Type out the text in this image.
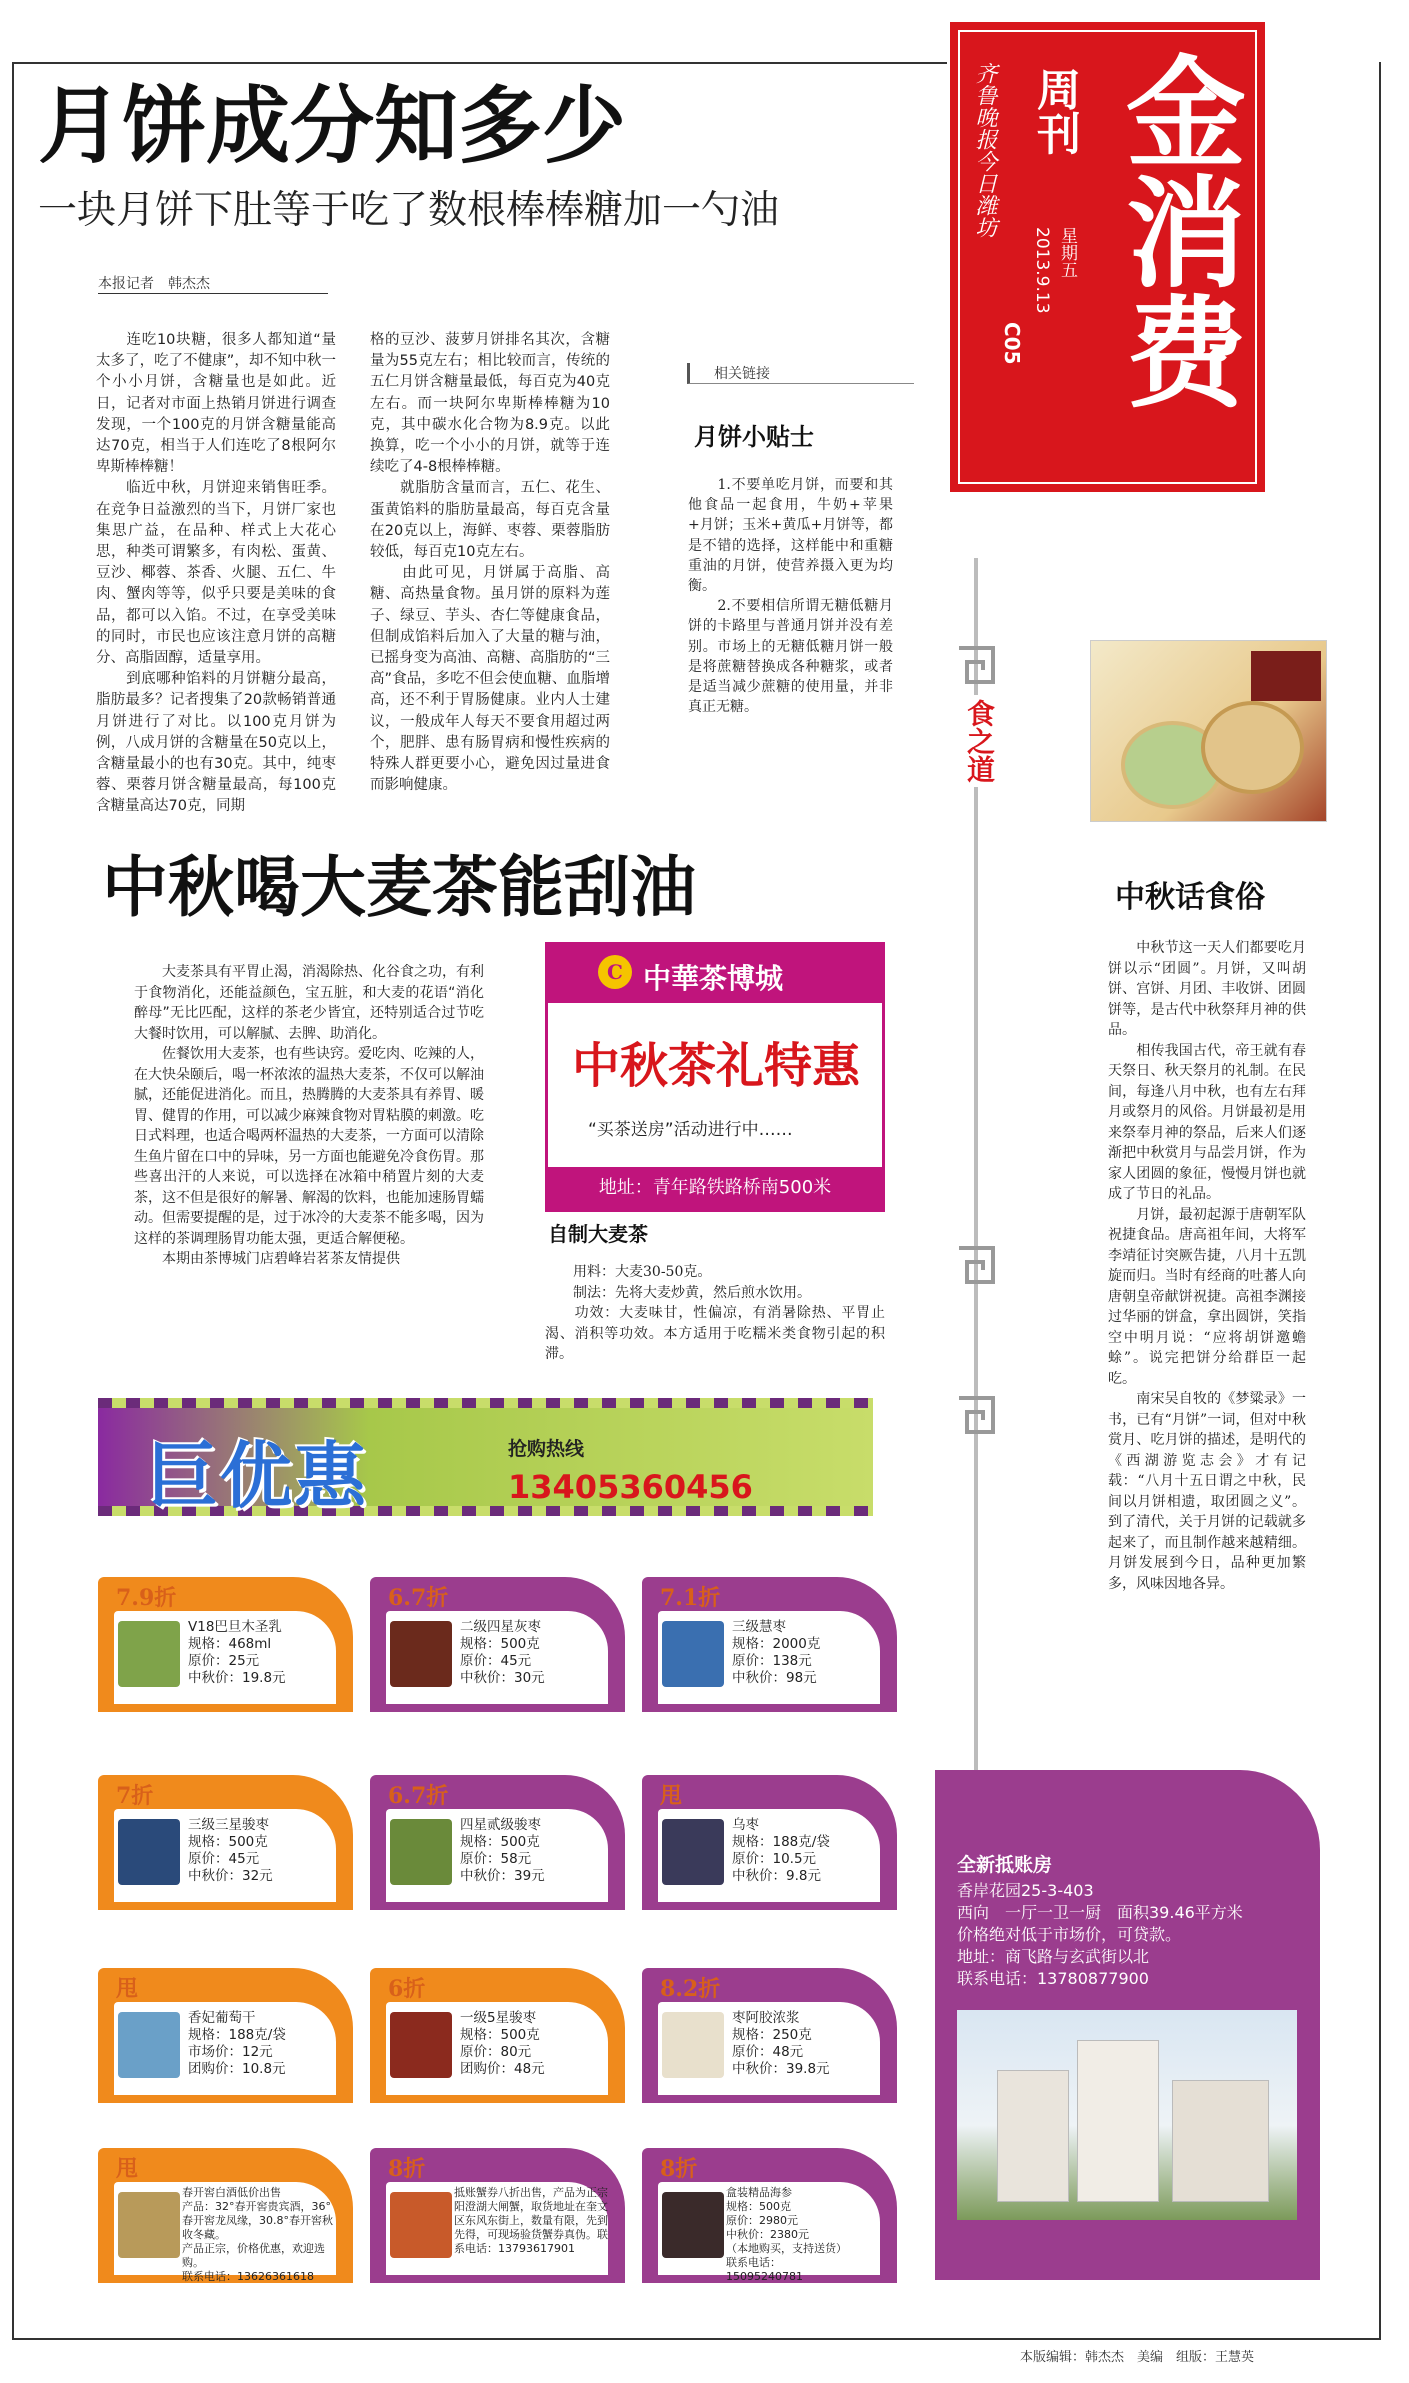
金消费
周刊
齐鲁晚报今日潍坊
星期五
2013.9.13
C05
月饼成分知多少
一块月饼下肚等于吃了数根棒棒糖加一勺油
本报记者　韩杰杰
　　连吃10块糖，很多人都知道“量太多了，吃了不健康”，却不知中秋一个小小月饼，含糖量也是如此。近日，记者对市面上热销月饼进行调查发现，一个100克的月饼含糖量能高达70克，相当于人们连吃了8根阿尔卑斯棒棒糖！
　　临近中秋，月饼迎来销售旺季。在竞争日益激烈的当下，月饼厂家也集思广益，在品种、样式上大花心思，种类可谓繁多，有肉松、蛋黄、豆沙、椰蓉、茶香、火腿、五仁、牛肉、蟹肉等等，似乎只要是美味的食品，都可以入馅。不过，在享受美味的同时，市民也应该注意月饼的高糖分、高脂固醇，适量享用。
　　到底哪种馅料的月饼糖分最高，脂肪最多？记者搜集了20款畅销普通月饼进行了对比。以100克月饼为例，八成月饼的含糖量在50克以上，含糖量最小的也有30克。其中，纯枣蓉、栗蓉月饼含糖量最高，每100克含糖量高达70克，同期
格的豆沙、菠萝月饼排名其次，含糖量为55克左右；相比较而言，传统的五仁月饼含糖量最低，每百克为40克左右。而一块阿尔卑斯棒棒糖为10克，其中碳水化合物为8.9克。以此换算，吃一个小小的月饼，就等于连续吃了4-8根棒棒糖。
　　就脂肪含量而言，五仁、花生、蛋黄馅料的脂肪量最高，每百克含量在20克以上，海鲜、枣蓉、栗蓉脂肪较低，每百克10克左右。
　　由此可见，月饼属于高脂、高糖、高热量食物。虽月饼的原料为莲子、绿豆、芋头、杏仁等健康食品，但制成馅料后加入了大量的糖与油，已摇身变为高油、高糖、高脂肪的“三高”食品，多吃不但会使血糖、血脂增高，还不利于胃肠健康。业内人士建议，一般成年人每天不要食用超过两个，肥胖、患有肠胃病和慢性疾病的特殊人群更要小心，避免因过量进食而影响健康。
相关链接
月饼小贴士
　　1.不要单吃月饼，而要和其他食品一起食用，牛奶+苹果+月饼；玉米+黄瓜+月饼等，都是不错的选择，这样能中和重糖重油的月饼，使营养摄入更为均衡。
　　2.不要相信所谓无糖低糖月饼的卡路里与普通月饼并没有差别。市场上的无糖低糖月饼一般是将蔗糖替换成各种糖浆，或者是适当减少蔗糖的使用量，并非真正无糖。	食之道
中秋话食俗
　　中秋节这一天人们都要吃月饼以示“团圆”。月饼，又叫胡饼、宫饼、月团、丰收饼、团圆饼等，是古代中秋祭拜月神的供品。
　　相传我国古代，帝王就有春天祭日、秋天祭月的礼制。在民间，每逢八月中秋，也有左右拜月或祭月的风俗。月饼最初是用来祭奉月神的祭品，后来人们逐渐把中秋赏月与品尝月饼，作为家人团圆的象征，慢慢月饼也就成了节日的礼品。
　　月饼，最初起源于唐朝军队祝捷食品。唐高祖年间，大将军李靖征讨突厥告捷，八月十五凯旋而归。当时有经商的吐蕃人向唐朝皇帝献饼祝捷。高祖李渊接过华丽的饼盒，拿出圆饼，笑指空中明月说：“应将胡饼邀蟾蜍”。说完把饼分给群臣一起吃。
　　南宋吴自牧的《梦粱录》一书，已有“月饼”一词，但对中秋赏月、吃月饼的描述，是明代的《西湖游览志会》才有记载：“八月十五日谓之中秋，民间以月饼相遗，取团圆之义”。到了清代，关于月饼的记载就多起来了，而且制作越来越精细。月饼发展到今日，品种更加繁多，风味因地各异。
中秋喝大麦茶能刮油
　　大麦茶具有平胃止渴，消渴除热、化谷食之功，有利于食物消化，还能益颜色，宝五脏，和大麦的花语“消化醉母”无比匹配，这样的茶老少皆宜，还特别适合过节吃大餐时饮用，可以解腻、去脾、助消化。
　　佐餐饮用大麦茶，也有些诀窍。爱吃肉、吃辣的人，在大快朵颐后，喝一杯浓浓的温热大麦茶，不仅可以解油腻，还能促进消化。而且，热腾腾的大麦茶具有养胃、暖胃、健胃的作用，可以减少麻辣食物对胃粘膜的刺激。吃日式料理，也适合喝两杯温热的大麦茶，一方面可以清除生鱼片留在口中的异味，另一方面也能避免冷食伤胃。那些喜出汗的人来说，可以选择在冰箱中稍置片刻的大麦茶，这不但是很好的解暑、解渴的饮料，也能加速肠胃蠕动。但需要提醒的是，过于冰冷的大麦茶不能多喝，因为这样的茶调理肠胃功能太强，更适合解便秘。
　　本期由茶博城门店碧峰岩茗茶友情提供
C 中華茶博城
中秋茶礼特惠
“买茶送房”活动进行中……
地址：青年路铁路桥南500米
自制大麦茶
　　用料：大麦30-50克。
　　制法：先将大麦炒黄，然后煎水饮用。
　　功效：大麦味甘，性偏凉，有消暑除热、平胃止渴、消积等功效。本方适用于吃糯米类食物引起的积滞。
巨优惠	抢购热线
13405360456
7.9折
V18巴旦木圣乳
规格：468ml
原价：25元
中秋价：19.8元
6.7折
二级四星灰枣
规格：500克
原价：45元
中秋价：30元
7.1折
三级慧枣
规格：2000克
原价：138元
中秋价：98元
7折
三级三星骏枣
规格：500克
原价：45元
中秋价：32元
6.7折
四星贰级骏枣
规格：500克
原价：58元
中秋价：39元
甩
乌枣
规格：188克/袋
原价：10.5元
中秋价：9.8元
甩
香妃葡萄干
规格：188克/袋
市场价：12元
团购价：10.8元
6折
一级5星骏枣
规格：500克
原价：80元
团购价：48元
8.2折
枣阿胶浓浆
规格：250克
原价：48元
中秋价：39.8元
甩
春开窖白酒低价出售
产品：32°春开窖贵宾酒，36°春开窖龙凤缘，30.8°春开窖秋收冬藏。
产品正宗，价格优惠，欢迎选购。
联系电话：13626361618
8折
抵账蟹券八折出售，产品为正宗阳澄湖大闸蟹，取货地址在奎文区东风东街上，数量有限，先到先得，可现场验货蟹券真伪。联系电话：13793617901
8折
盒装精品海参
规格：500克
原价：2980元
中秋价：2380元
（本地购买，支持送货）
联系电话：
15095240781
全新抵账房
香岸花园25-3-403
西向　一厅一卫一厨　面积39.46平方米
价格绝对低于市场价，可贷款。
地址：商飞路与玄武街以北
联系电话：13780877900
本版编辑：韩杰杰　美编　组版：王慧英
